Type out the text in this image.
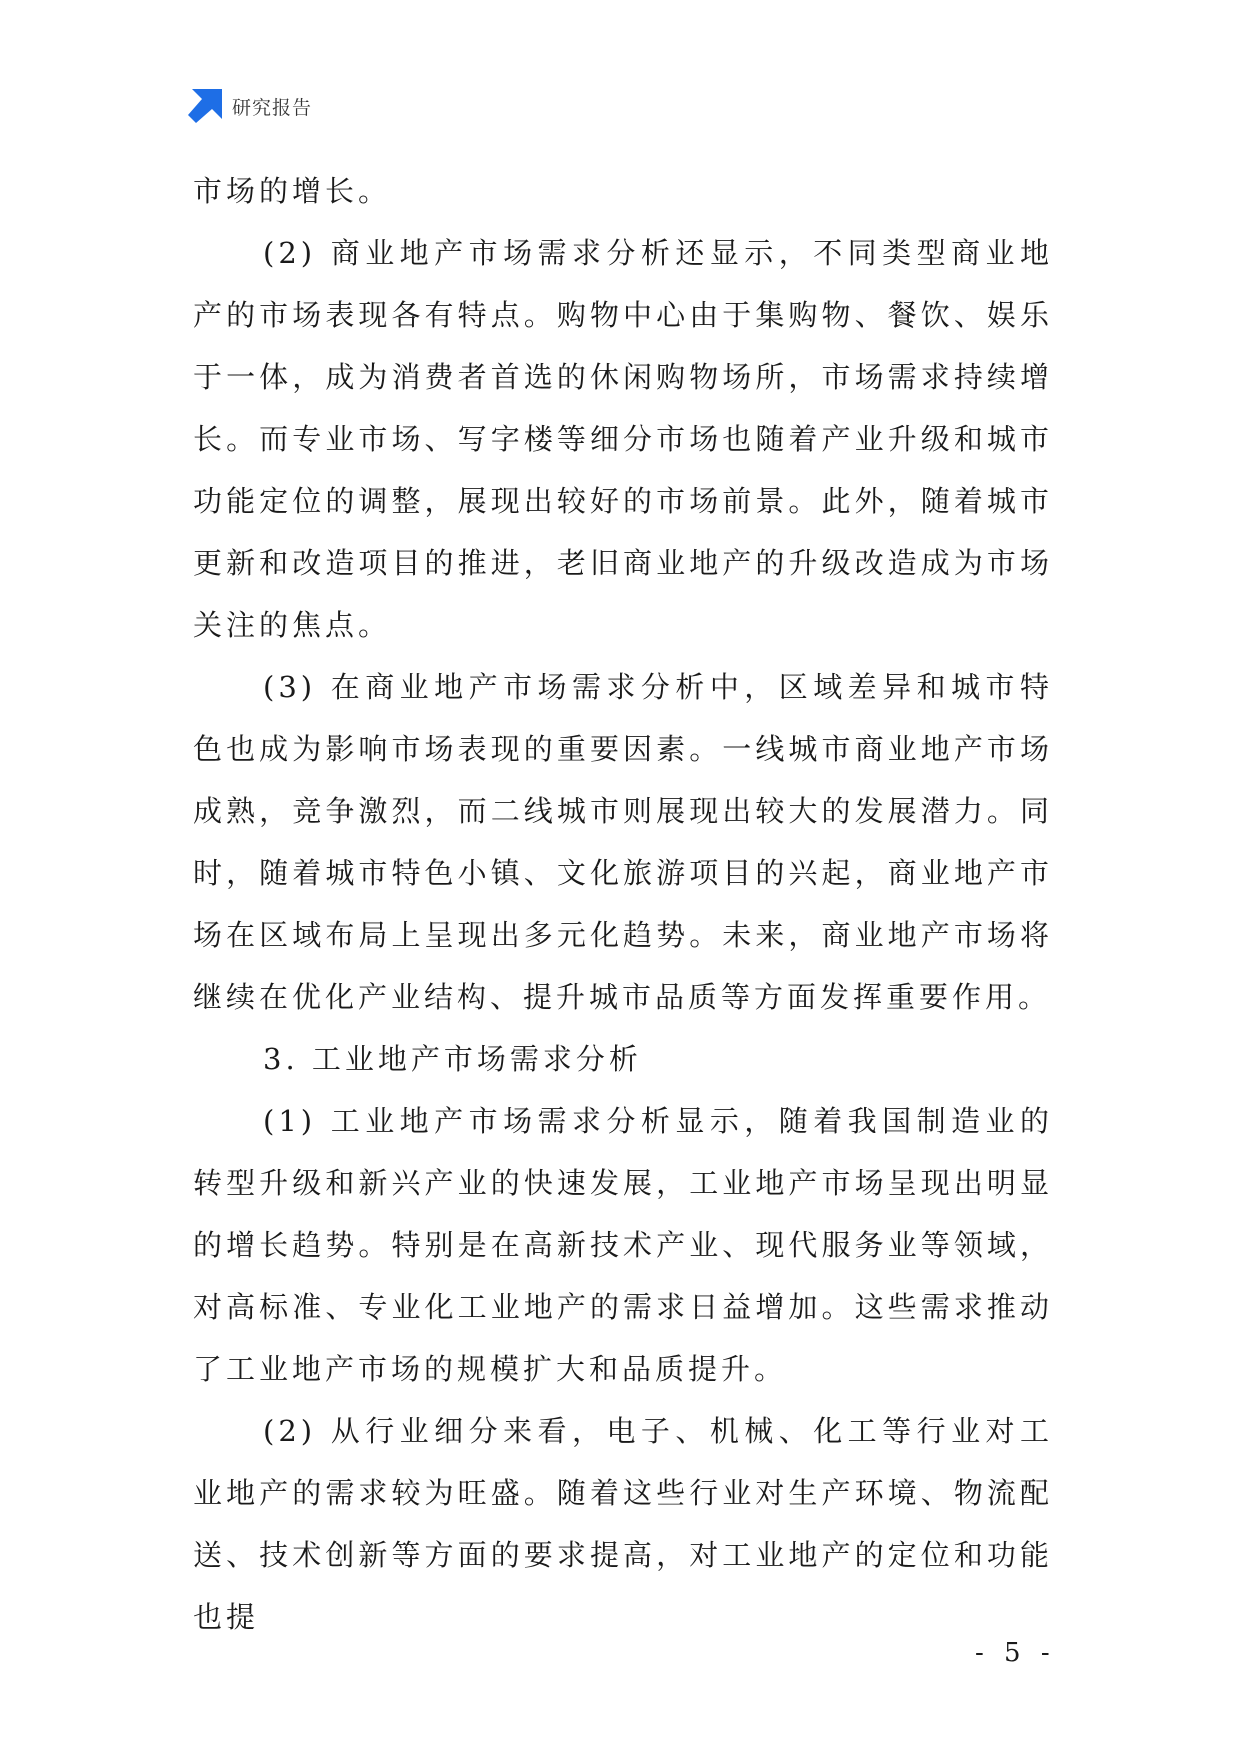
研究报告

市场的增长。

(2) 商业地产市场需求分析还显示，不同类型商业地产的市场表现各有特点。购物中心由于集购物、餐饮、娱乐于一体，成为消费者首选的休闲购物场所，市场需求持续增长。而专业市场、写字楼等细分市场也随着产业升级和城市功能定位的调整，展现出较好的市场前景。此外，随着城市更新和改造项目的推进，老旧商业地产的升级改造成为市场关注的焦点。

(3) 在商业地产市场需求分析中，区域差异和城市特色也成为影响市场表现的重要因素。一线城市商业地产市场成熟，竞争激烈，而二线城市则展现出较大的发展潜力。同时，随着城市特色小镇、文化旅游项目的兴起，商业地产市场在区域布局上呈现出多元化趋势。未来，商业地产市场将继续在优化产业结构、提升城市品质等方面发挥重要作用。

3. 工业地产市场需求分析

(1) 工业地产市场需求分析显示，随着我国制造业的转型升级和新兴产业的快速发展，工业地产市场呈现出明显的增长趋势。特别是在高新技术产业、现代服务业等领域，对高标准、专业化工业地产的需求日益增加。这些需求推动了工业地产市场的规模扩大和品质提升。

(2) 从行业细分来看，电子、机械、化工等行业对工业地产的需求较为旺盛。随着这些行业对生产环境、物流配送、技术创新等方面的要求提高，对工业地产的定位和功能也提

- 5 -
